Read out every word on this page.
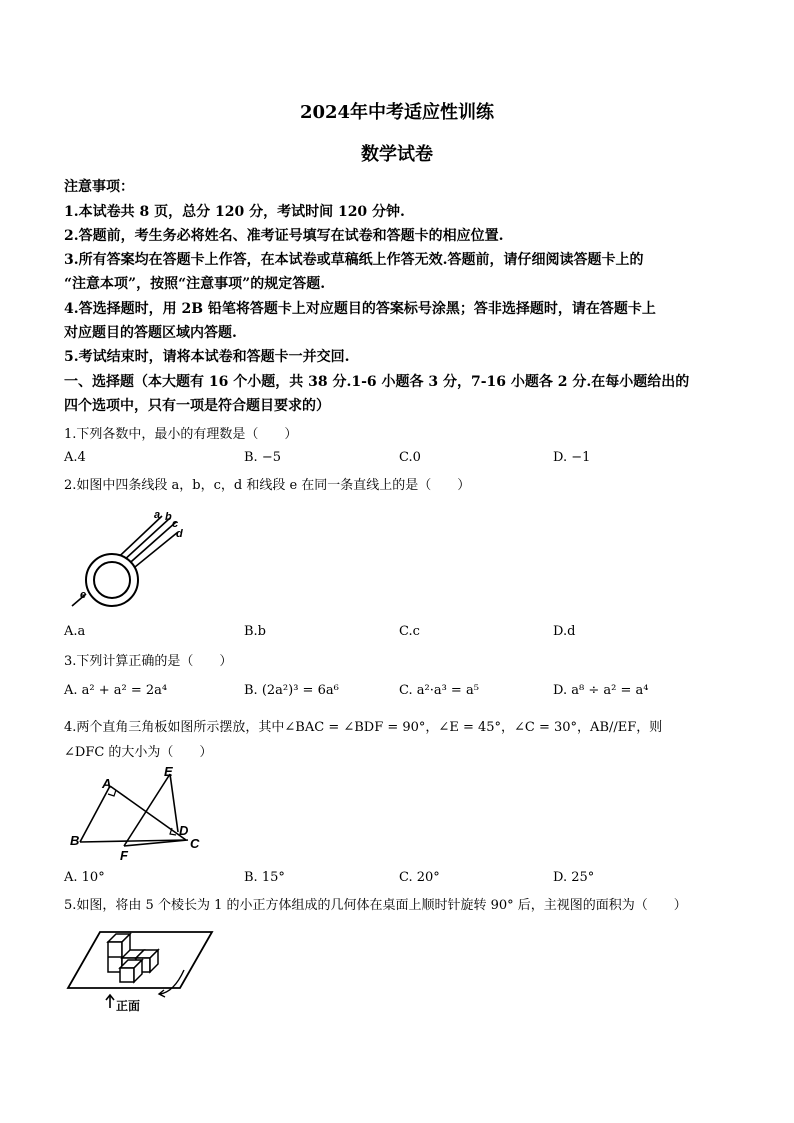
2024年中考适应性训练
数学试卷
注意事项：
1.本试卷共 8 页，总分 120 分，考试时间 120 分钟.
2.答题前，考生务必将姓名、准考证号填写在试卷和答题卡的相应位置.
3.所有答案均在答题卡上作答，在本试卷或草稿纸上作答无效.答题前，请仔细阅读答题卡上的
“注意本项”，按照“注意事项”的规定答题.
4.答选择题时，用 2B 铅笔将答题卡上对应题目的答案标号涂黑；答非选择题时，请在答题卡上
对应题目的答题区域内答题.
5.考试结束时，请将本试卷和答题卡一并交回.
一、选择题（本大题有 16 个小题，共 38 分.1-6 小题各 3 分，7-16 小题各 2 分.在每小题给出的
四个选项中，只有一项是符合题目要求的）
1.下列各数中，最小的有理数是（　　）
A.4	B. −5	C.0	D. −1
2.如图中四条线段 a，b，c，d 和线段 e 在同一条直线上的是（　　）
a b
c
d
e
A.a	B.b	C.c	D.d
3.下列计算正确的是（　　）
A. a² + a² = 2a⁴	B. (2a²)³ = 6a⁶	C. a²·a³ = a⁵	D. a⁸ ÷ a² = a⁴
4.两个直角三角板如图所示摆放，其中∠BAC = ∠BDF = 90°，∠E = 45°，∠C = 30°，AB//EF，则
∠DFC 的大小为（　　）
A
B	C
D
E
F
A. 10°	B. 15°	C. 20°	D. 25°
5.如图，将由 5 个棱长为 1 的小正方体组成的几何体在桌面上顺时针旋转 90° 后，主视图的面积为（　　）
正面
